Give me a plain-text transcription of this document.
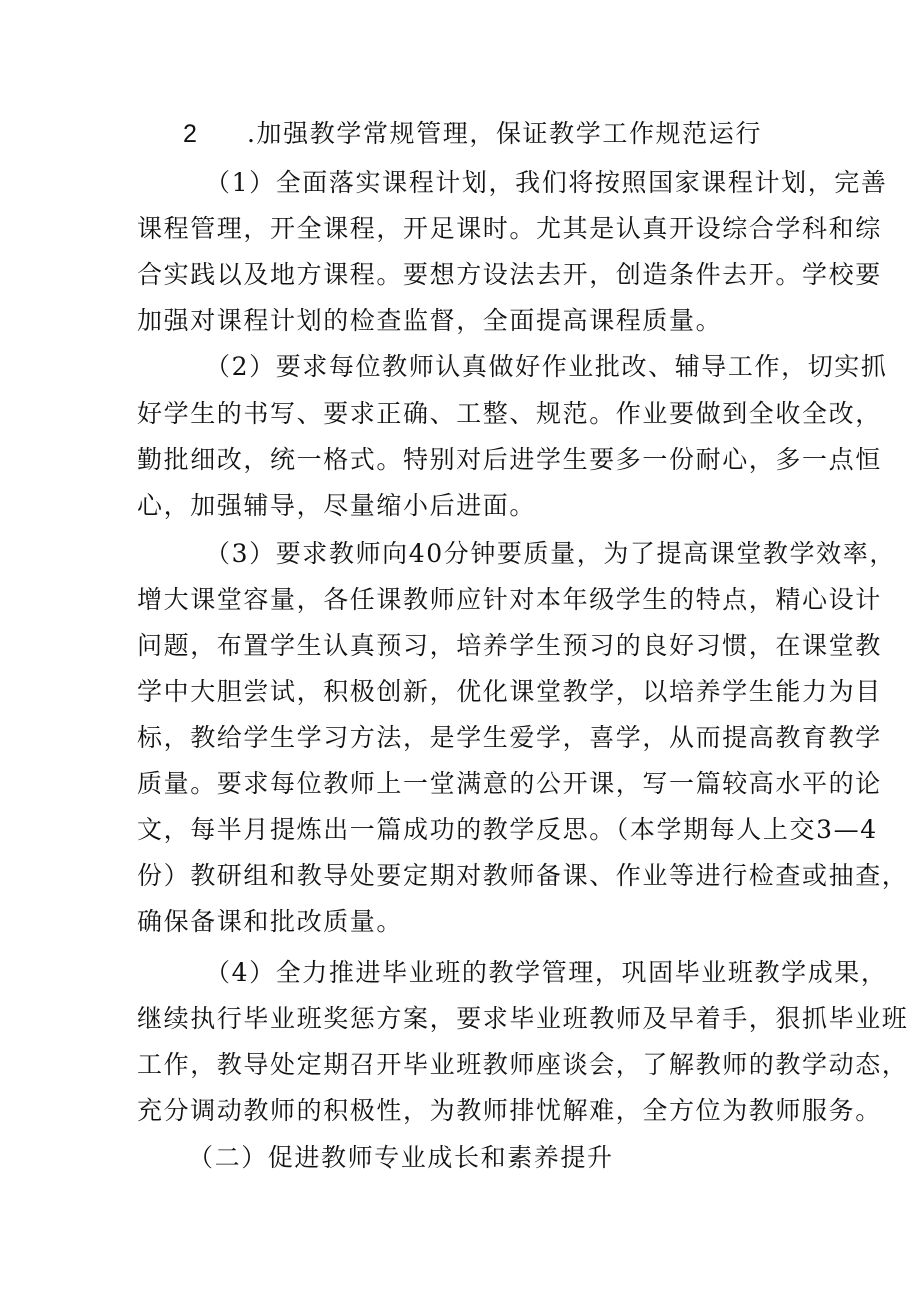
2 .加强教学常规管理，保证教学工作规范运行
（1）全面落实课程计划，我们将按照国家课程计划，完善
课程管理，开全课程，开足课时。尤其是认真开设综合学科和综
合实践以及地方课程。要想方设法去开，创造条件去开。学校要
加强对课程计划的检查监督，全面提高课程质量。
（2）要求每位教师认真做好作业批改、辅导工作，切实抓
好学生的书写、要求正确、工整、规范。作业要做到全收全改，
勤批细改，统一格式。特别对后进学生要多一份耐心，多一点恒
心，加强辅导，尽量缩小后进面。
（3）要求教师向40分钟要质量，为了提高课堂教学效率，
增大课堂容量，各任课教师应针对本年级学生的特点，精心设计
问题，布置学生认真预习，培养学生预习的良好习惯，在课堂教
学中大胆尝试，积极创新，优化课堂教学，以培养学生能力为目
标，教给学生学习方法，是学生爱学，喜学，从而提高教育教学
质量。要求每位教师上一堂满意的公开课，写一篇较高水平的论
文，每半月提炼出一篇成功的教学反思。（本学期每人上交3—4
份）教研组和教导处要定期对教师备课、作业等进行检查或抽查，
确保备课和批改质量。
（4）全力推进毕业班的教学管理，巩固毕业班教学成果，
继续执行毕业班奖惩方案，要求毕业班教师及早着手，狠抓毕业班
工作，教导处定期召开毕业班教师座谈会，了解教师的教学动态，
充分调动教师的积极性，为教师排忧解难，全方位为教师服务。
（二）促进教师专业成长和素养提升
